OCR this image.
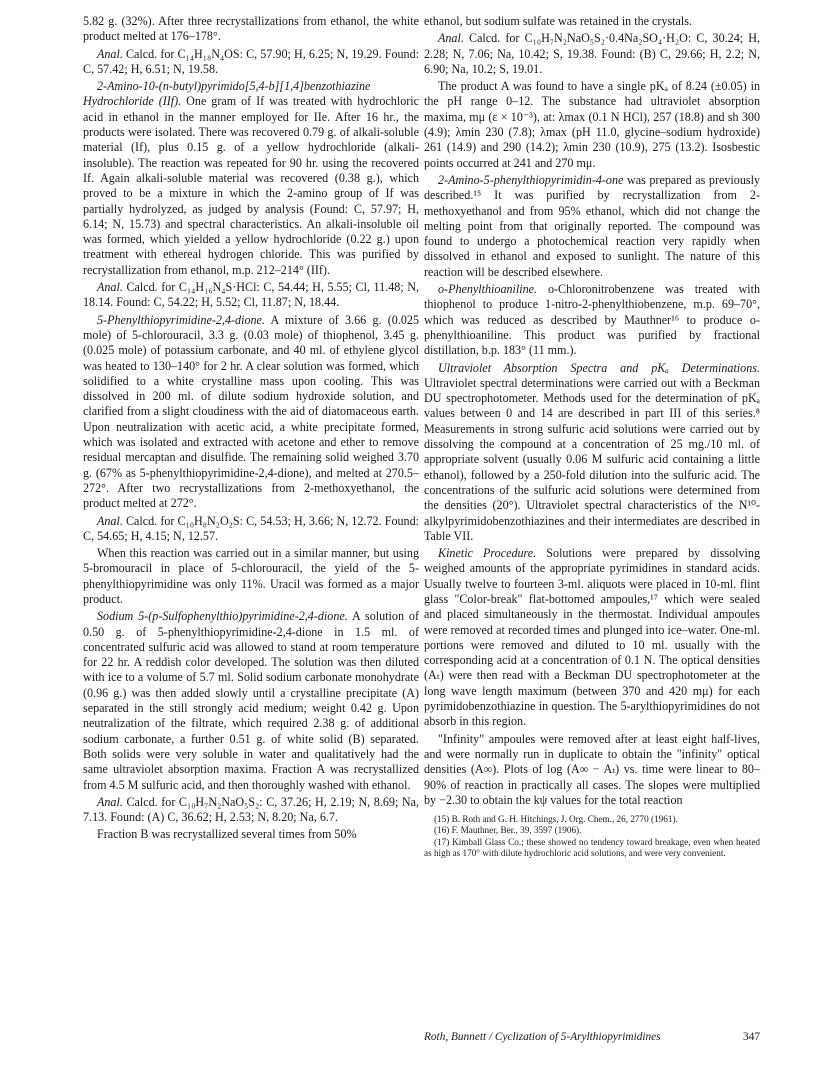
5.82 g. (32%). After three recrystallizations from ethanol, the white product melted at 176–178°.

Anal. Calcd. for C₁₄H₁₈N₄OS: C, 57.90; H, 6.25; N, 19.29. Found: C, 57.42; H, 6.51; N, 19.58.

2-Amino-10-(n-butyl)pyrimido[5,4-b][1,4]benzothiazine Hydrochloride (IIf). One gram of If was treated with hydrochloric acid in ethanol in the manner employed for IIe. After 16 hr., the products were isolated. There was recovered 0.79 g. of alkali-soluble material (If), plus 0.15 g. of a yellow hydrochloride (alkali-insoluble). The reaction was repeated for 90 hr. using the recovered If. Again alkali-soluble material was recovered (0.38 g.), which proved to be a mixture in which the 2-amino group of If was partially hydrolyzed, as judged by analysis (Found: C, 57.97; H, 6.14; N, 15.73) and spectral characteristics. An alkali-insoluble oil was formed, which yielded a yellow hydrochloride (0.22 g.) upon treatment with ethereal hydrogen chloride. This was purified by recrystallization from ethanol, m.p. 212–214° (IIf).

Anal. Calcd. for C₁₄H₁₆N₄S·HCl: C, 54.44; H, 5.55; Cl, 11.48; N, 18.14. Found: C, 54.22; H, 5.52; Cl, 11.87; N, 18.44.

5-Phenylthiopyrimidine-2,4-dione. A mixture of 3.66 g. (0.025 mole) of 5-chlorouracil, 3.3 g. (0.03 mole) of thiophenol, 3.45 g. (0.025 mole) of potassium carbonate, and 40 ml. of ethylene glycol was heated to 130–140° for 2 hr. A clear solution was formed, which solidified to a white crystalline mass upon cooling. This was dissolved in 200 ml. of dilute sodium hydroxide solution, and clarified from a slight cloudiness with the aid of diatomaceous earth. Upon neutralization with acetic acid, a white precipitate formed, which was isolated and extracted with acetone and ether to remove residual mercaptan and disulfide. The remaining solid weighed 3.70 g. (67% as 5-phenylthiopyrimidine-2,4-dione), and melted at 270.5–272°. After two recrystallizations from 2-methoxyethanol, the product melted at 272°.

Anal. Calcd. for C₁₀H₈N₂O₂S: C, 54.53; H, 3.66; N, 12.72. Found: C, 54.65; H, 4.15; N, 12.57.

When this reaction was carried out in a similar manner, but using 5-bromouracil in place of 5-chlorouracil, the yield of the 5-phenylthiopyrimidine was only 11%. Uracil was formed as a major product.

Sodium 5-(p-Sulfophenylthio)pyrimidine-2,4-dione. A solution of 0.50 g. of 5-phenylthiopyrimidine-2,4-dione in 1.5 ml. of concentrated sulfuric acid was allowed to stand at room temperature for 22 hr. A reddish color developed. The solution was then diluted with ice to a volume of 5.7 ml. Solid sodium carbonate monohydrate (0.96 g.) was then added slowly until a crystalline precipitate (A) separated in the still strongly acid medium; weight 0.42 g. Upon neutralization of the filtrate, which required 2.38 g. of additional sodium carbonate, a further 0.51 g. of white solid (B) separated. Both solids were very soluble in water and qualitatively had the same ultraviolet absorption maxima. Fraction A was recrystallized from 4.5 M sulfuric acid, and then thoroughly washed with ethanol.

Anal. Calcd. for C₁₀H₇N₂NaO₅S₂: C, 37.26; H, 2.19; N, 8.69; Na, 7.13. Found: (A) C, 36.62; H, 2.53; N, 8.20; Na, 6.7.

Fraction B was recrystallized several times from 50%

ethanol, but sodium sulfate was retained in the crystals.

Anal. Calcd. for C₁₀H₇N₂NaO₅S₂·0.4Na₂SO₄·H₂O: C, 30.24; H, 2.28; N, 7.06; Na, 10.42; S, 19.38. Found: (B) C, 29.66; H, 2.2; N, 6.90; Na, 10.2; S, 19.01.

The product A was found to have a single pKₐ of 8.24 (±0.05) in the pH range 0–12. The substance had ultraviolet absorption maxima, mμ (ε × 10⁻³), at: λmax (0.1 N HCl), 257 (18.8) and sh 300 (4.9); λmin 230 (7.8); λmax (pH 11.0, glycine–sodium hydroxide) 261 (14.9) and 290 (14.2); λmin 230 (10.9), 275 (13.2). Isosbestic points occurred at 241 and 270 mμ.

2-Amino-5-phenylthiopyrimidin-4-one was prepared as previously described.¹⁵ It was purified by recrystallization from 2-methoxyethanol and from 95% ethanol, which did not change the melting point from that originally reported. The compound was found to undergo a photochemical reaction very rapidly when dissolved in ethanol and exposed to sunlight. The nature of this reaction will be described elsewhere.

o-Phenylthioaniline. o-Chloronitrobenzene was treated with thiophenol to produce 1-nitro-2-phenylthiobenzene, m.p. 69–70°, which was reduced as described by Mauthner¹⁶ to produce o-phenylthioaniline. This product was purified by fractional distillation, b.p. 183° (11 mm.).

Ultraviolet Absorption Spectra and pKₐ Determinations. Ultraviolet spectral determinations were carried out with a Beckman DU spectrophotometer. Methods used for the determination of pKₐ values between 0 and 14 are described in part III of this series.⁸ Measurements in strong sulfuric acid solutions were carried out by dissolving the compound at a concentration of 25 mg./10 ml. of appropriate solvent (usually 0.06 M sulfuric acid containing a little ethanol), followed by a 250-fold dilution into the sulfuric acid. The concentrations of the sulfuric acid solutions were determined from the densities (20°). Ultraviolet spectral characteristics of the N¹⁰-alkylpyrimidobenzothiazines and their intermediates are described in Table VII.

Kinetic Procedure. Solutions were prepared by dissolving weighed amounts of the appropriate pyrimidines in standard acids. Usually twelve to fourteen 3-ml. aliquots were placed in 10-ml. flint glass "Color-break" flat-bottomed ampoules,¹⁷ which were sealed and placed simultaneously in the thermostat. Individual ampoules were removed at recorded times and plunged into ice–water. One-ml. portions were removed and diluted to 10 ml. usually with the corresponding acid at a concentration of 0.1 N. The optical densities (Aₜ) were then read with a Beckman DU spectrophotometer at the long wave length maximum (between 370 and 420 mμ) for each pyrimidobenzothiazine in question. The 5-arylthiopyrimidines do not absorb in this region.

"Infinity" ampoules were removed after at least eight half-lives, and were normally run in duplicate to obtain the "infinity" optical densities (A∞). Plots of log (A∞ − Aₜ) vs. time were linear to 80–90% of reaction in practically all cases. The slopes were multiplied by −2.30 to obtain the kψ values for the total reaction

(15) B. Roth and G. H. Hitchings, J. Org. Chem., 26, 2770 (1961).
(16) F. Mauthner, Ber., 39, 3597 (1906).
(17) Kimball Glass Co.; these showed no tendency toward breakage, even when heated as high as 170° with dilute hydrochloric acid solutions, and were very convenient.
Roth, Bunnett / Cyclization of 5-Arylthiopyrimidines	347
